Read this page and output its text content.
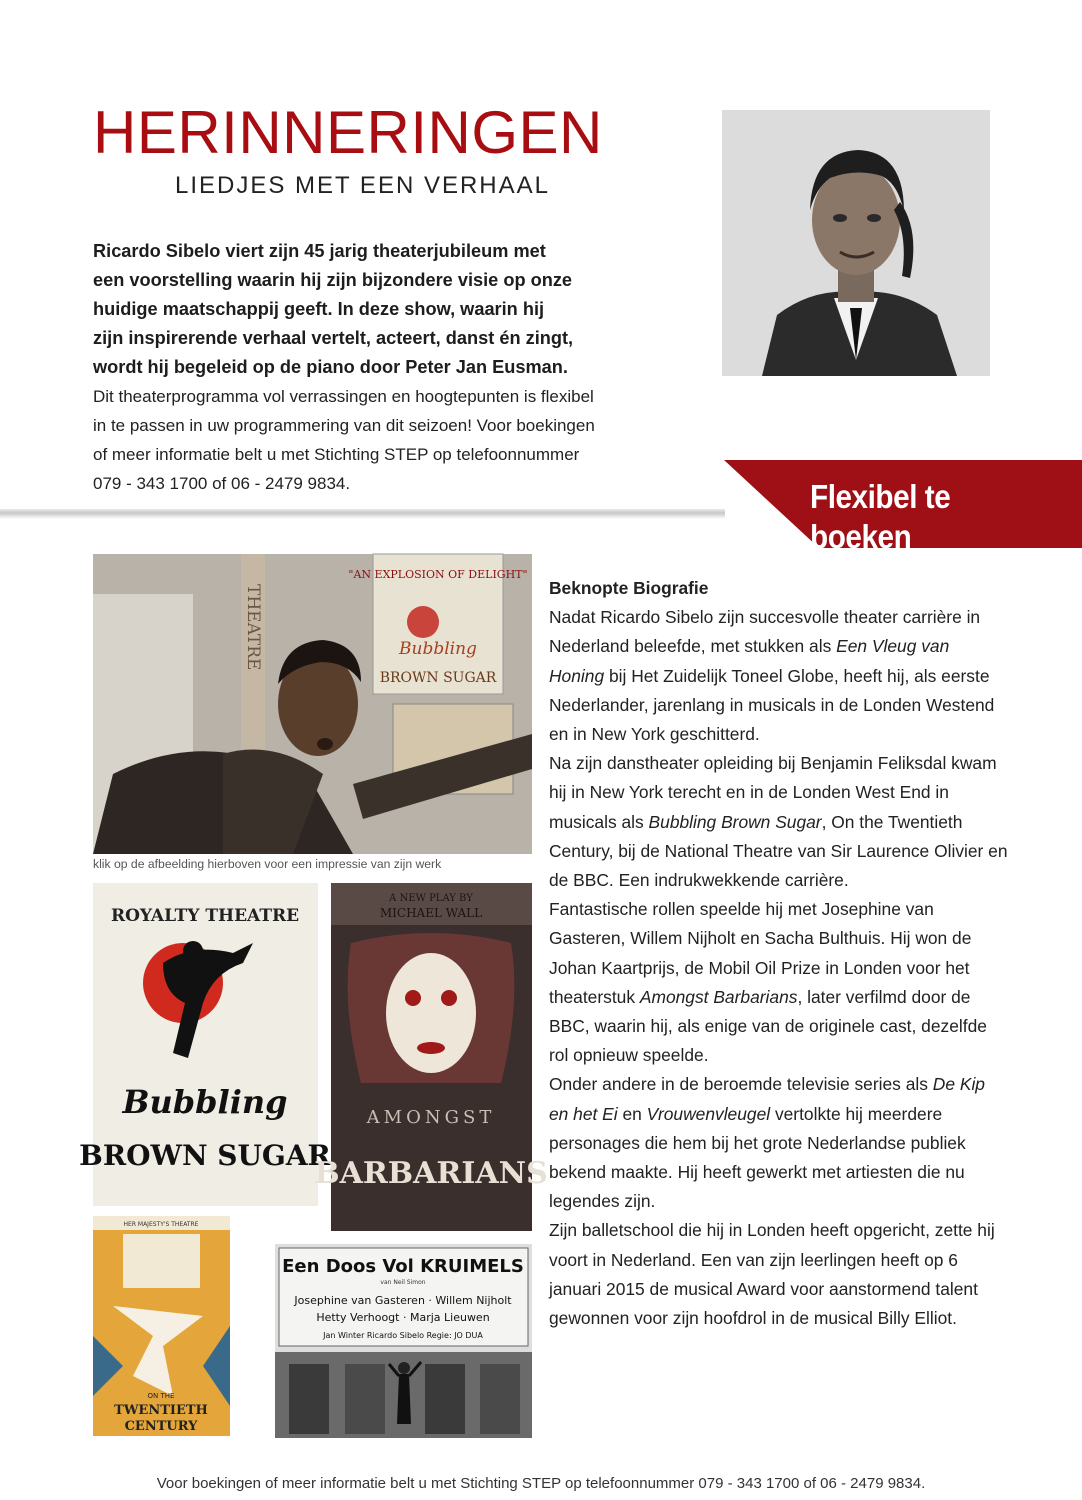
HERINNERINGEN
LIEDJES MET EEN VERHAAL
Ricardo Sibelo viert zijn 45 jarig theaterjubileum met
een voorstelling waarin hij zijn bijzondere visie op onze
huidige maatschappij geeft. In deze show, waarin hij
zijn inspirerende verhaal vertelt, acteert, danst én zingt,
wordt hij begeleid op de piano door Peter Jan Eusman.
Dit theaterprogramma vol verrassingen en hoogtepunten is flexibel
in te passen in uw programmering van dit seizoen! Voor boekingen
of meer informatie belt u met Stichting STEP op telefoonnummer
079 - 343 1700 of 06 - 2479 9834.	Flexibel te boeken
THEATRE
"AN EXPLOSION OF DELIGHT"
Bubbling
BROWN SUGAR
klik op de afbeelding hierboven voor een impressie van zijn werk
ROYALTY THEATRE
Bubbling
BROWN SUGAR
A NEW PLAY BY
MICHAEL WALL
AMONGST
BARBARIANS
HER MAJESTY'S THEATRE
ON THE
TWENTIETH
CENTURY
Een Doos Vol KRUIMELS
van Neil Simon
Josephine van Gasteren · Willem Nijholt
Hetty Verhoogt · Marja Lieuwen
Jan Winter Ricardo Sibelo Regie: JO DUA
Beknopte Biografie

Nadat Ricardo Sibelo zijn succesvolle theater carrière in Nederland beleefde, met stukken als Een Vleug van Honing bij Het Zuidelijk Toneel Globe, heeft hij, als eerste Nederlander, jarenlang in musicals in de Londen Westend en in New York geschitterd.

Na zijn danstheater opleiding bij Benjamin Feliksdal kwam hij in New York terecht en in de Londen West End in musicals als Bubbling Brown Sugar, On the Twentieth Century, bij de National Theatre van Sir Laurence Olivier en de BBC. Een indrukwekkende carrière.

Fantastische rollen speelde hij met Josephine van Gasteren, Willem Nijholt en Sacha Bulthuis. Hij won de Johan Kaartprijs, de Mobil Oil Prize in Londen voor het theaterstuk Amongst Barbarians, later verfilmd door de BBC, waarin hij, als enige van de originele cast, dezelfde rol opnieuw speelde.

Onder andere in de beroemde televisie series als De Kip en het Ei en Vrouwenvleugel vertolkte hij meerdere personages die hem bij het grote Nederlandse publiek bekend maakte. Hij heeft gewerkt met artiesten die nu legendes zijn.

Zijn balletschool die hij in Londen heeft opgericht, zette hij voort in Nederland. Een van zijn leerlingen heeft op 6 januari 2015 de musical Award voor aanstormend talent gewonnen voor zijn hoofdrol in de musical Billy Elliot.

Voor boekingen of meer informatie belt u met Stichting STEP op telefoonnummer 079 - 343 1700 of 06 - 2479 9834.
